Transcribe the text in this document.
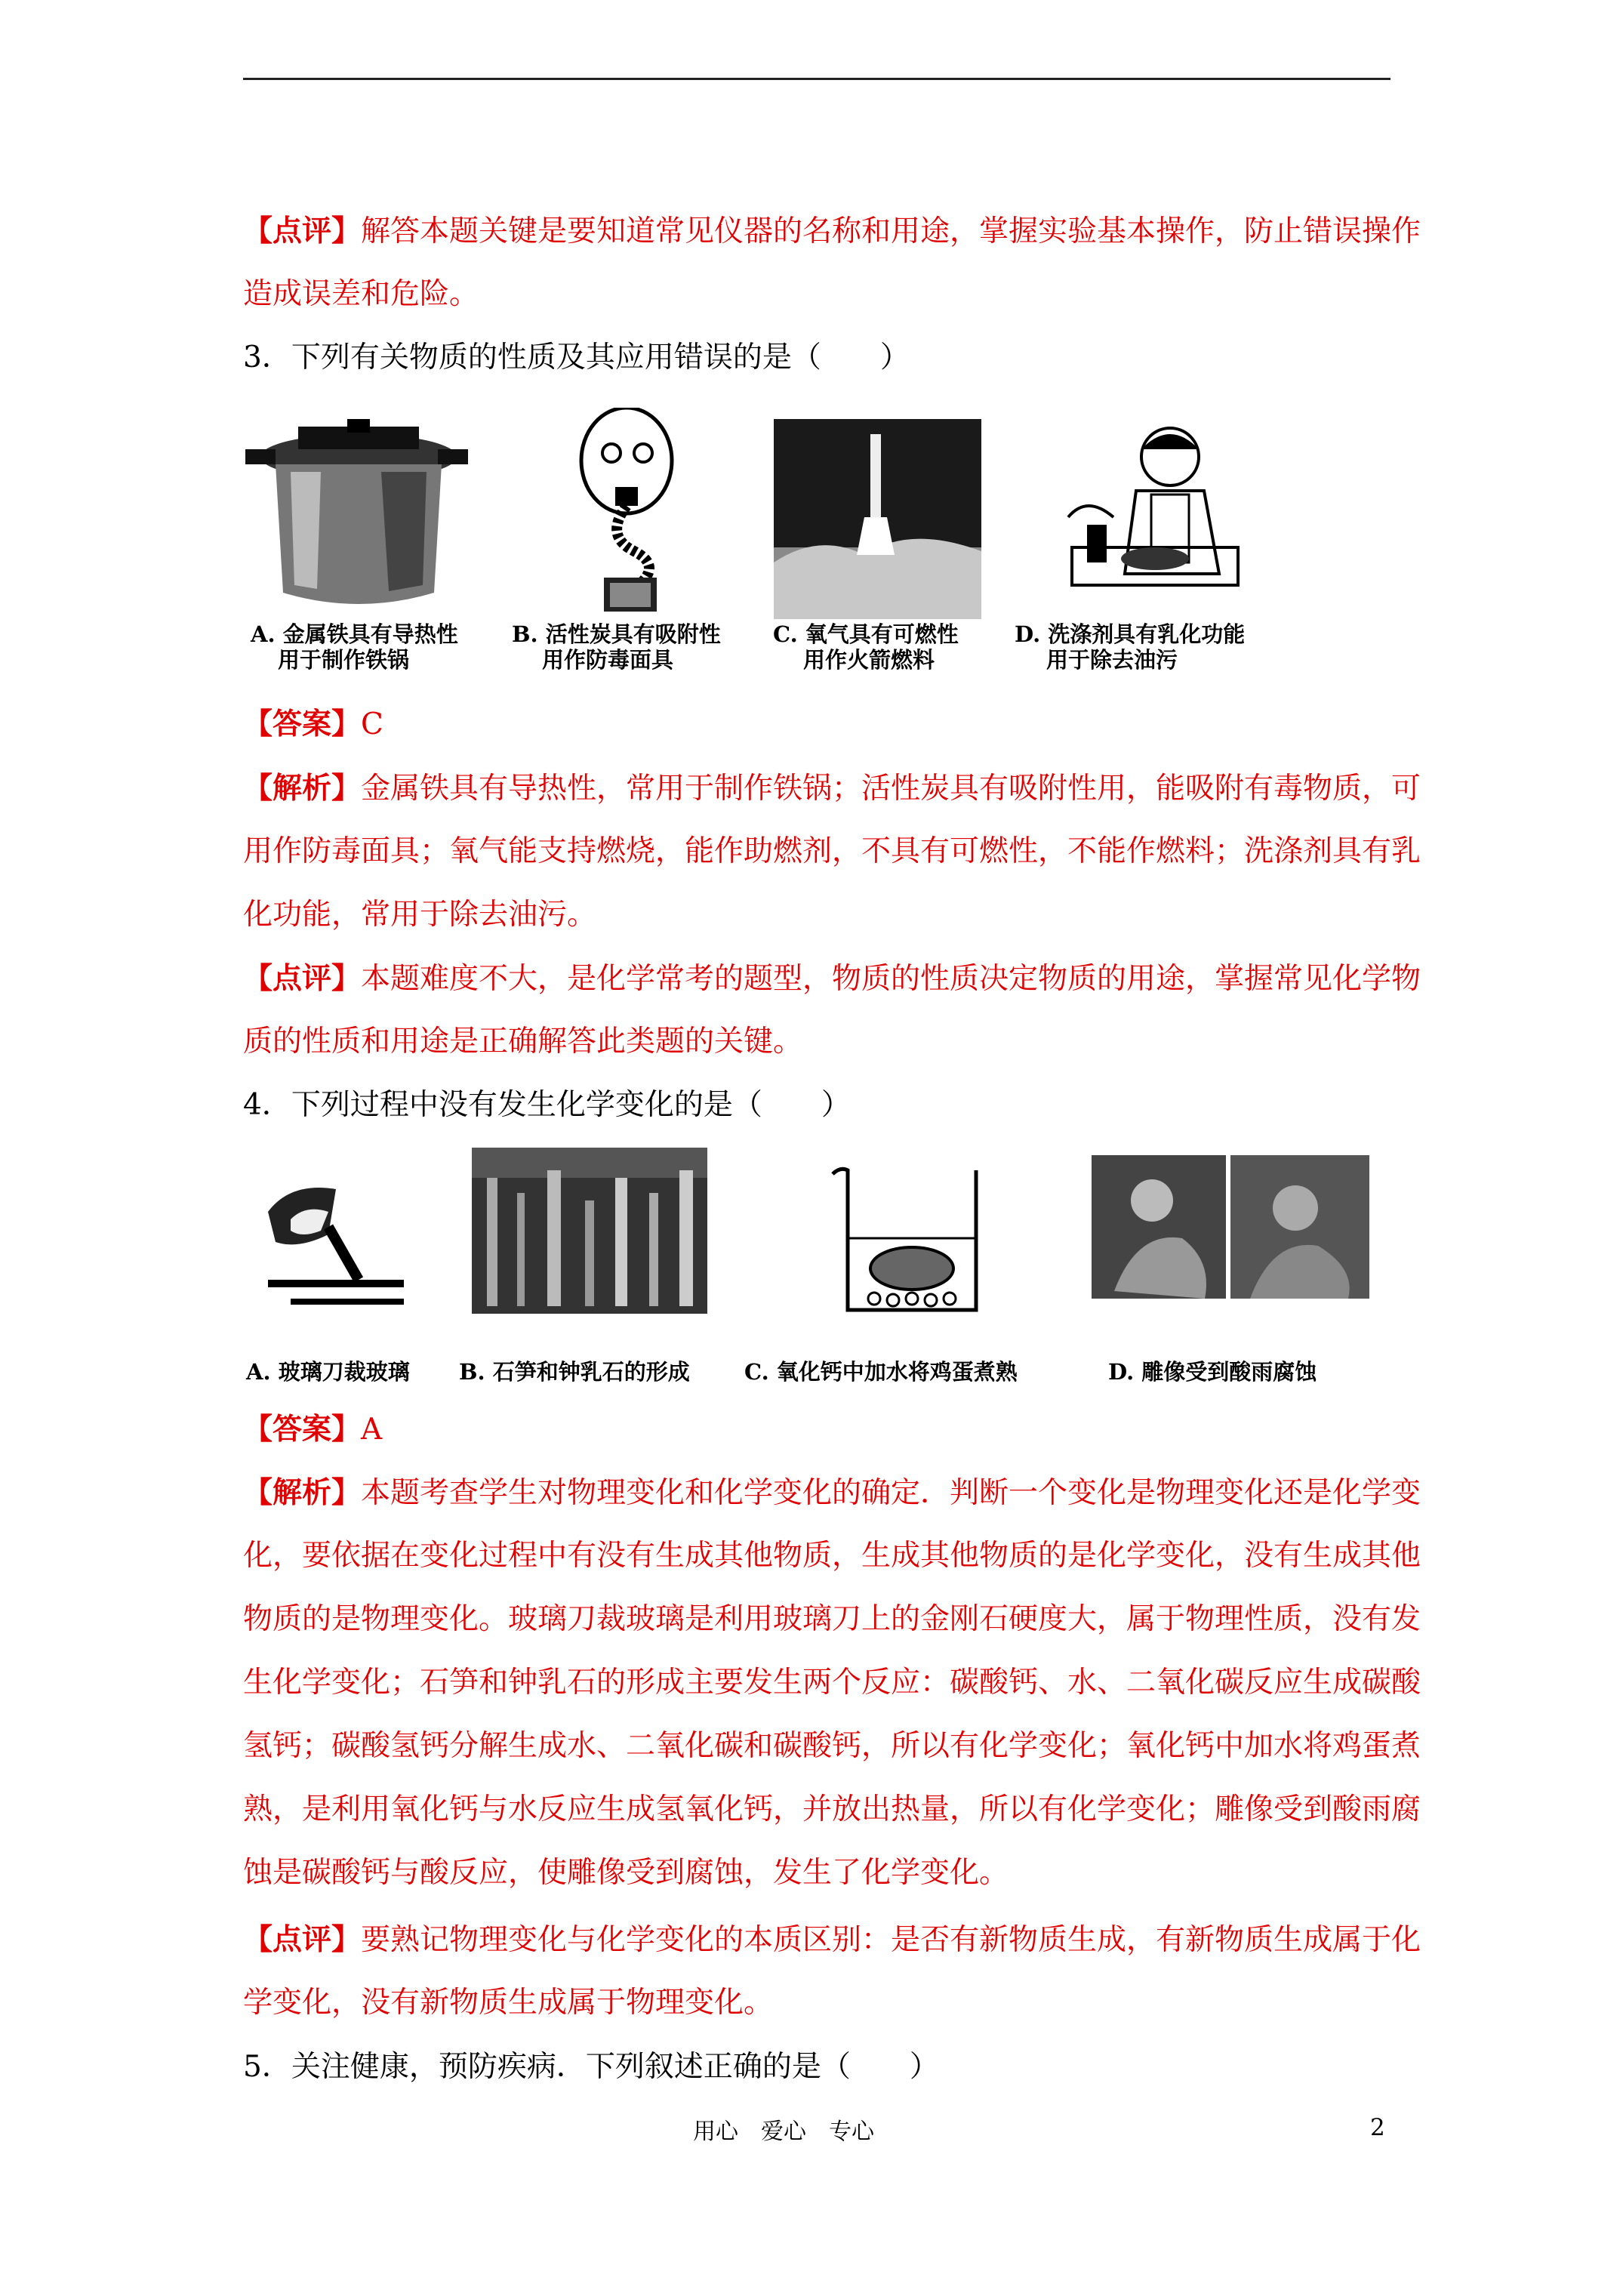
【点评】解答本题关键是要知道常见仪器的名称和用途，掌握实验基本操作，防止错误操作
造成误差和危险。
3．下列有关物质的性质及其应用错误的是（　　）
A. 金属铁具有导热性
用于制作铁锅
B. 活性炭具有吸附性
用作防毒面具
C. 氧气具有可燃性
用作火箭燃料
D. 洗涤剂具有乳化功能
用于除去油污
【答案】C
【解析】金属铁具有导热性，常用于制作铁锅；活性炭具有吸附性用，能吸附有毒物质，可
用作防毒面具；氧气能支持燃烧，能作助燃剂，不具有可燃性，不能作燃料；洗涤剂具有乳
化功能，常用于除去油污。
【点评】本题难度不大，是化学常考的题型，物质的性质决定物质的用途，掌握常见化学物
质的性质和用途是正确解答此类题的关键。
4．下列过程中没有发生化学变化的是（　　）
A. 玻璃刀裁玻璃 B. 石笋和钟乳石的形成 C. 氧化钙中加水将鸡蛋煮熟	D. 雕像受到酸雨腐蚀
【答案】A
【解析】本题考查学生对物理变化和化学变化的确定．判断一个变化是物理变化还是化学变
化，要依据在变化过程中有没有生成其他物质，生成其他物质的是化学变化，没有生成其他
物质的是物理变化。玻璃刀裁玻璃是利用玻璃刀上的金刚石硬度大，属于物理性质，没有发
生化学变化；石笋和钟乳石的形成主要发生两个反应：碳酸钙、水、二氧化碳反应生成碳酸
氢钙；碳酸氢钙分解生成水、二氧化碳和碳酸钙，所以有化学变化；氧化钙中加水将鸡蛋煮
熟，是利用氧化钙与水反应生成氢氧化钙，并放出热量，所以有化学变化；雕像受到酸雨腐
蚀是碳酸钙与酸反应，使雕像受到腐蚀，发生了化学变化。
【点评】要熟记物理变化与化学变化的本质区别：是否有新物质生成，有新物质生成属于化
学变化，没有新物质生成属于物理变化。
5．关注健康，预防疾病．下列叙述正确的是（　　）
用心　爱心　专心	2
